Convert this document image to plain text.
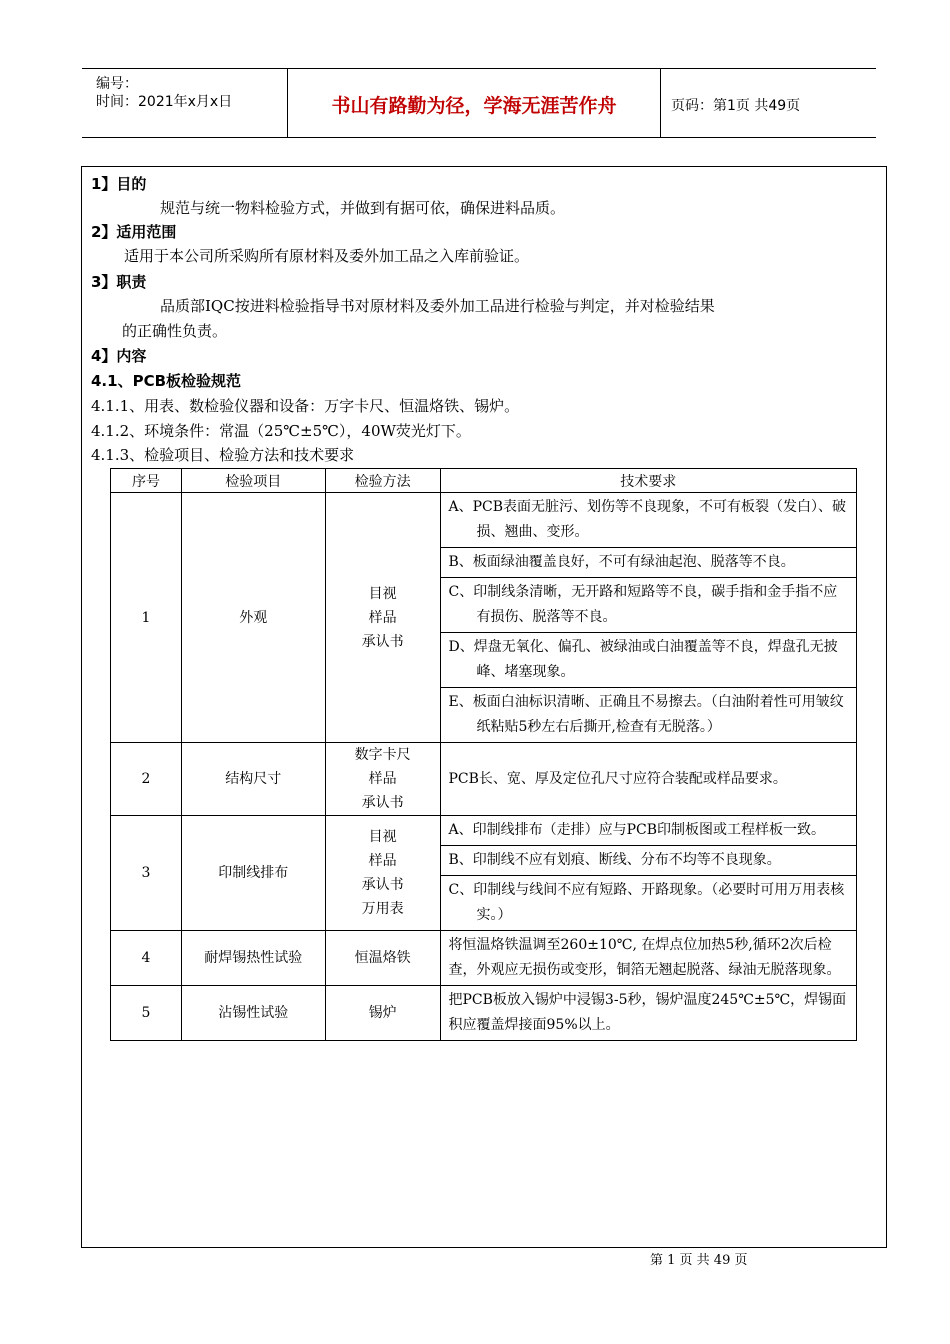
编号：
时间：2021年x月x日	书山有路勤为径，学海无涯苦作舟	页码：第1页 共49页
1】目的
规范与统一物料检验方式，并做到有据可依，确保进料品质。
2】适用范围
适用于本公司所采购所有原材料及委外加工品之入库前验证。
3】职责
品质部IQC按进料检验指导书对原材料及委外加工品进行检验与判定，并对检验结果
的正确性负责。
4】内容
4.1、PCB板检验规范
4.1.1、用表、数检验仪器和设备：万字卡尺、恒温烙铁、锡炉。
4.1.2、环境条件：常温（25℃±5℃），40W荧光灯下。
4.1.3、检验项目、检验方法和技术要求
序号	检验项目	检验方法	技术要求
1	外观	目视
样品
承认书	A、PCB表面无脏污、划伤等不良现象，不可有板裂（发白）、破损、翘曲、变形。

			B、板面绿油覆盖良好，不可有绿油起泡、脱落等不良。

			C、印制线条清晰，无开路和短路等不良，碳手指和金手指不应有损伤、脱落等不良。

			D、焊盘无氧化、偏孔、被绿油或白油覆盖等不良，焊盘孔无披峰、堵塞现象。

			E、板面白油标识清晰、正确且不易擦去。（白油附着性可用皱纹纸粘贴5秒左右后撕开,检查有无脱落。）

2	结构尺寸	数字卡尺
样品
承认书	PCB长、宽、厚及定位孔尺寸应符合装配或样品要求。

3	印制线排布	目视
样品
承认书
万用表	A、印制线排布（走排）应与PCB印制板图或工程样板一致。

			B、印制线不应有划痕、断线、分布不均等不良现象。

			C、印制线与线间不应有短路、开路现象。（必要时可用万用表核实。）

4	耐焊锡热性试验	恒温烙铁	将恒温烙铁温调至260±10℃, 在焊点位加热5秒,循环2次后检查，外观应无损伤或变形，铜箔无翘起脱落、绿油无脱落现象。

5	沾锡性试验	锡炉	把PCB板放入锡炉中浸锡3-5秒，锡炉温度245℃±5℃，焊锡面积应覆盖焊接面95%以上。
第 1 页 共 49 页
